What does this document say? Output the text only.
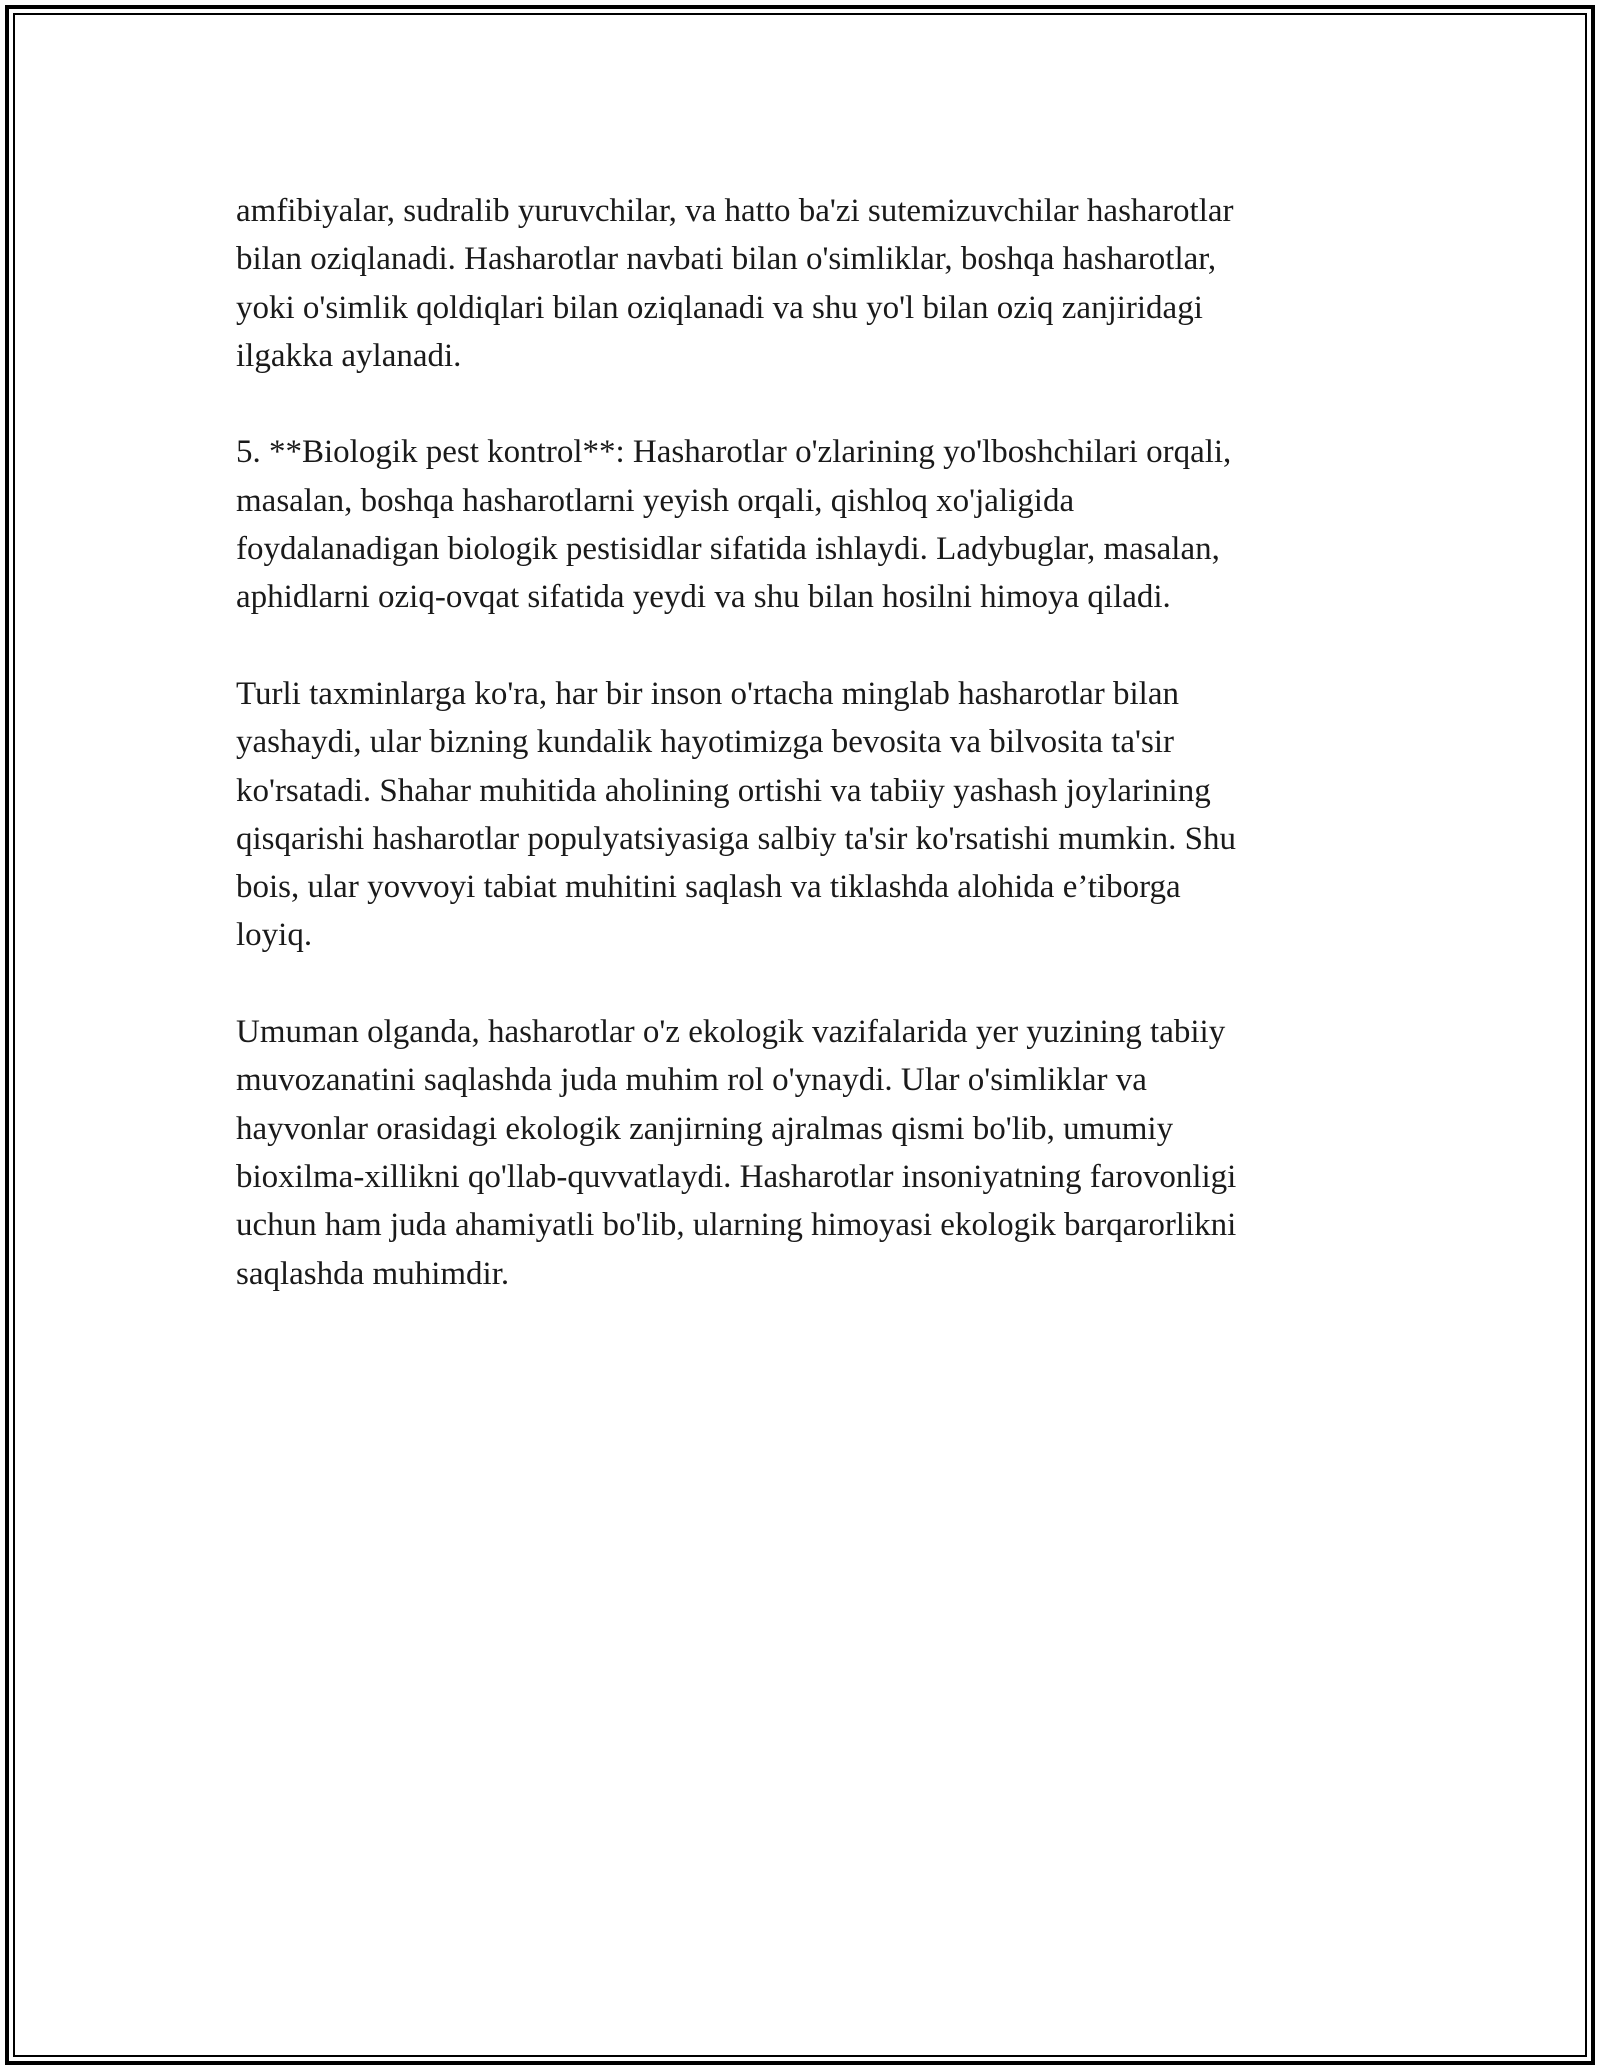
amfibiyalar, sudralib yuruvchilar, va hatto ba'zi sutemizuvchilar hasharotlar
bilan oziqlanadi. Hasharotlar navbati bilan o'simliklar, boshqa hasharotlar,
yoki o'simlik qoldiqlari bilan oziqlanadi va shu yo'l bilan oziq zanjiridagi
ilgakka aylanadi.

5. **Biologik pest kontrol**: Hasharotlar o'zlarining yo'lboshchilari orqali,
masalan, boshqa hasharotlarni yeyish orqali, qishloq xo'jaligida
foydalanadigan biologik pestisidlar sifatida ishlaydi. Ladybuglar, masalan,
aphidlarni oziq-ovqat sifatida yeydi va shu bilan hosilni himoya qiladi.

Turli taxminlarga ko'ra, har bir inson o'rtacha minglab hasharotlar bilan
yashaydi, ular bizning kundalik hayotimizga bevosita va bilvosita ta'sir
ko'rsatadi. Shahar muhitida aholining ortishi va tabiiy yashash joylarining
qisqarishi hasharotlar populyatsiyasiga salbiy ta'sir ko'rsatishi mumkin. Shu
bois, ular yovvoyi tabiat muhitini saqlash va tiklashda alohida e’tiborga
loyiq.

Umuman olganda, hasharotlar o'z ekologik vazifalarida yer yuzining tabiiy
muvozanatini saqlashda juda muhim rol o'ynaydi. Ular o'simliklar va
hayvonlar orasidagi ekologik zanjirning ajralmas qismi bo'lib, umumiy
bioxilma-xillikni qo'llab-quvvatlaydi. Hasharotlar insoniyatning farovonligi
uchun ham juda ahamiyatli bo'lib, ularning himoyasi ekologik barqarorlikni
saqlashda muhimdir.
